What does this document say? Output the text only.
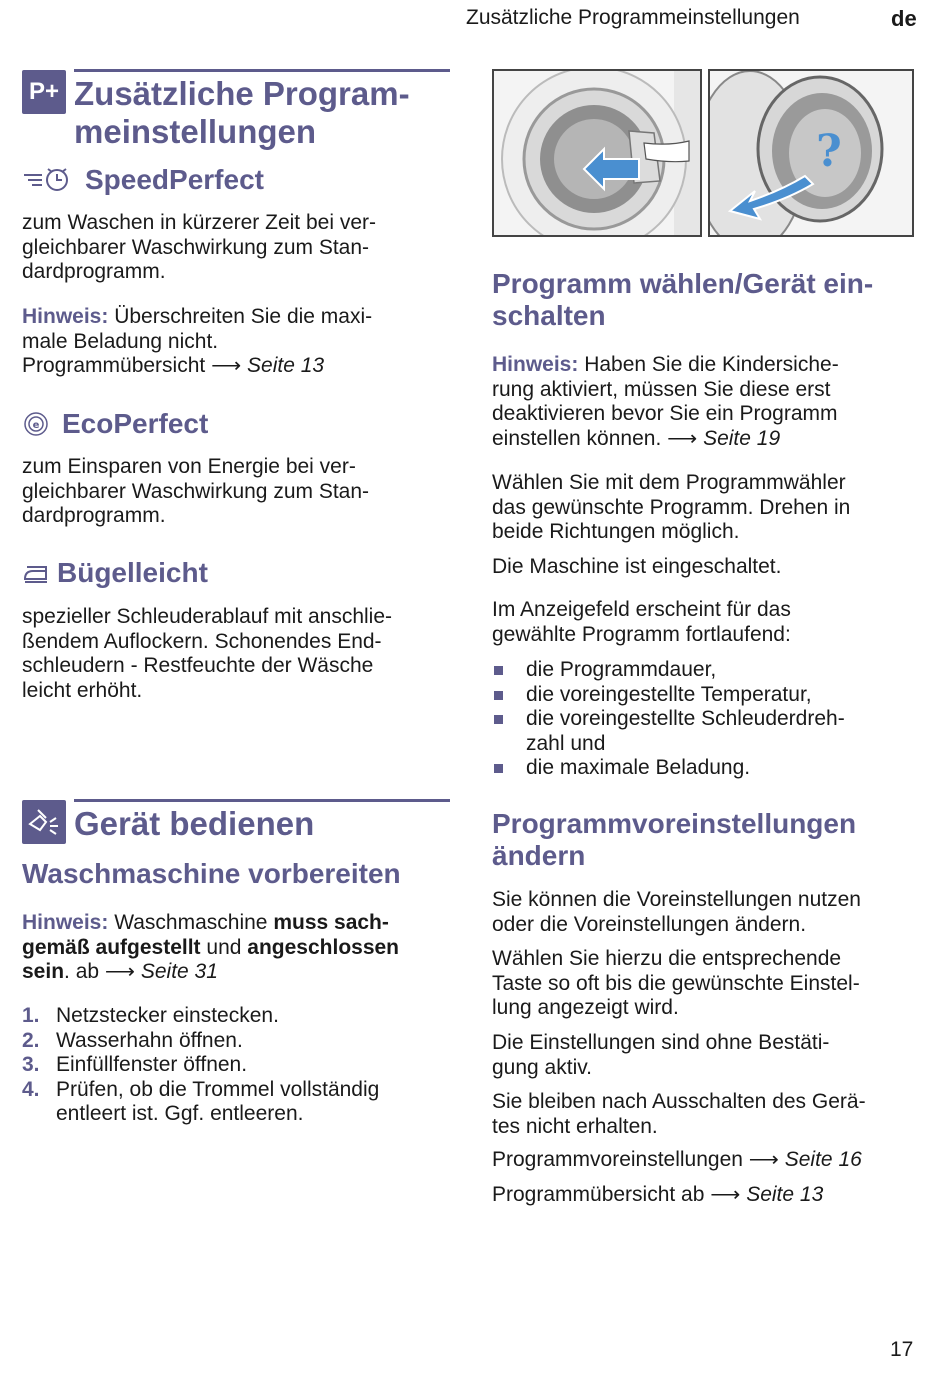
Zusätzliche Programmeinstellungen	de
P+ Zusätzliche Program-
meinstellungen
SpeedPerfect
zum Waschen in kürzerer Zeit bei ver-
gleichbarer Waschwirkung zum Stan-
dardprogramm.
Hinweis: Überschreiten Sie die maxi-
male Beladung nicht.
Programmübersicht ⟶ Seite 13
e EcoPerfect
zum Einsparen von Energie bei ver-
gleichbarer Waschwirkung zum Stan-
dardprogramm.
Bügelleicht
spezieller Schleuderablauf mit anschlie-
ßendem Auflockern. Schonendes End-
schleudern - Restfeuchte der Wäsche
leicht erhöht.
Gerät bedienen
Waschmaschine vorbereiten
Hinweis: Waschmaschine muss sach-
gemäß aufgestellt und angeschlossen
sein. ab ⟶ Seite 31
1. Netzstecker einstecken.
2. Wasserhahn öffnen.
3. Einfüllfenster öffnen.
4. Prüfen, ob die Trommel vollständig
entleert ist. Ggf. entleeren.
?
Programm wählen/Gerät ein-
schalten
Hinweis: Haben Sie die Kindersiche-
rung aktiviert, müssen Sie diese erst
deaktivieren bevor Sie ein Programm
einstellen können. ⟶ Seite 19
Wählen Sie mit dem Programmwähler
das gewünschte Programm. Drehen in
beide Richtungen möglich.
Die Maschine ist eingeschaltet.
Im Anzeigefeld erscheint für das
gewählte Programm fortlaufend:
die Programmdauer,
die voreingestellte Temperatur,
die voreingestellte Schleuderdreh-
zahl und
die maximale Beladung.
Programmvoreinstellungen
ändern
Sie können die Voreinstellungen nutzen
oder die Voreinstellungen ändern.
Wählen Sie hierzu die entsprechende
Taste so oft bis die gewünschte Einstel-
lung angezeigt wird.
Die Einstellungen sind ohne Bestäti-
gung aktiv.
Sie bleiben nach Ausschalten des Gerä-
tes nicht erhalten.
Programmvoreinstellungen ⟶ Seite 16
Programmübersicht ab ⟶ Seite 13
17
